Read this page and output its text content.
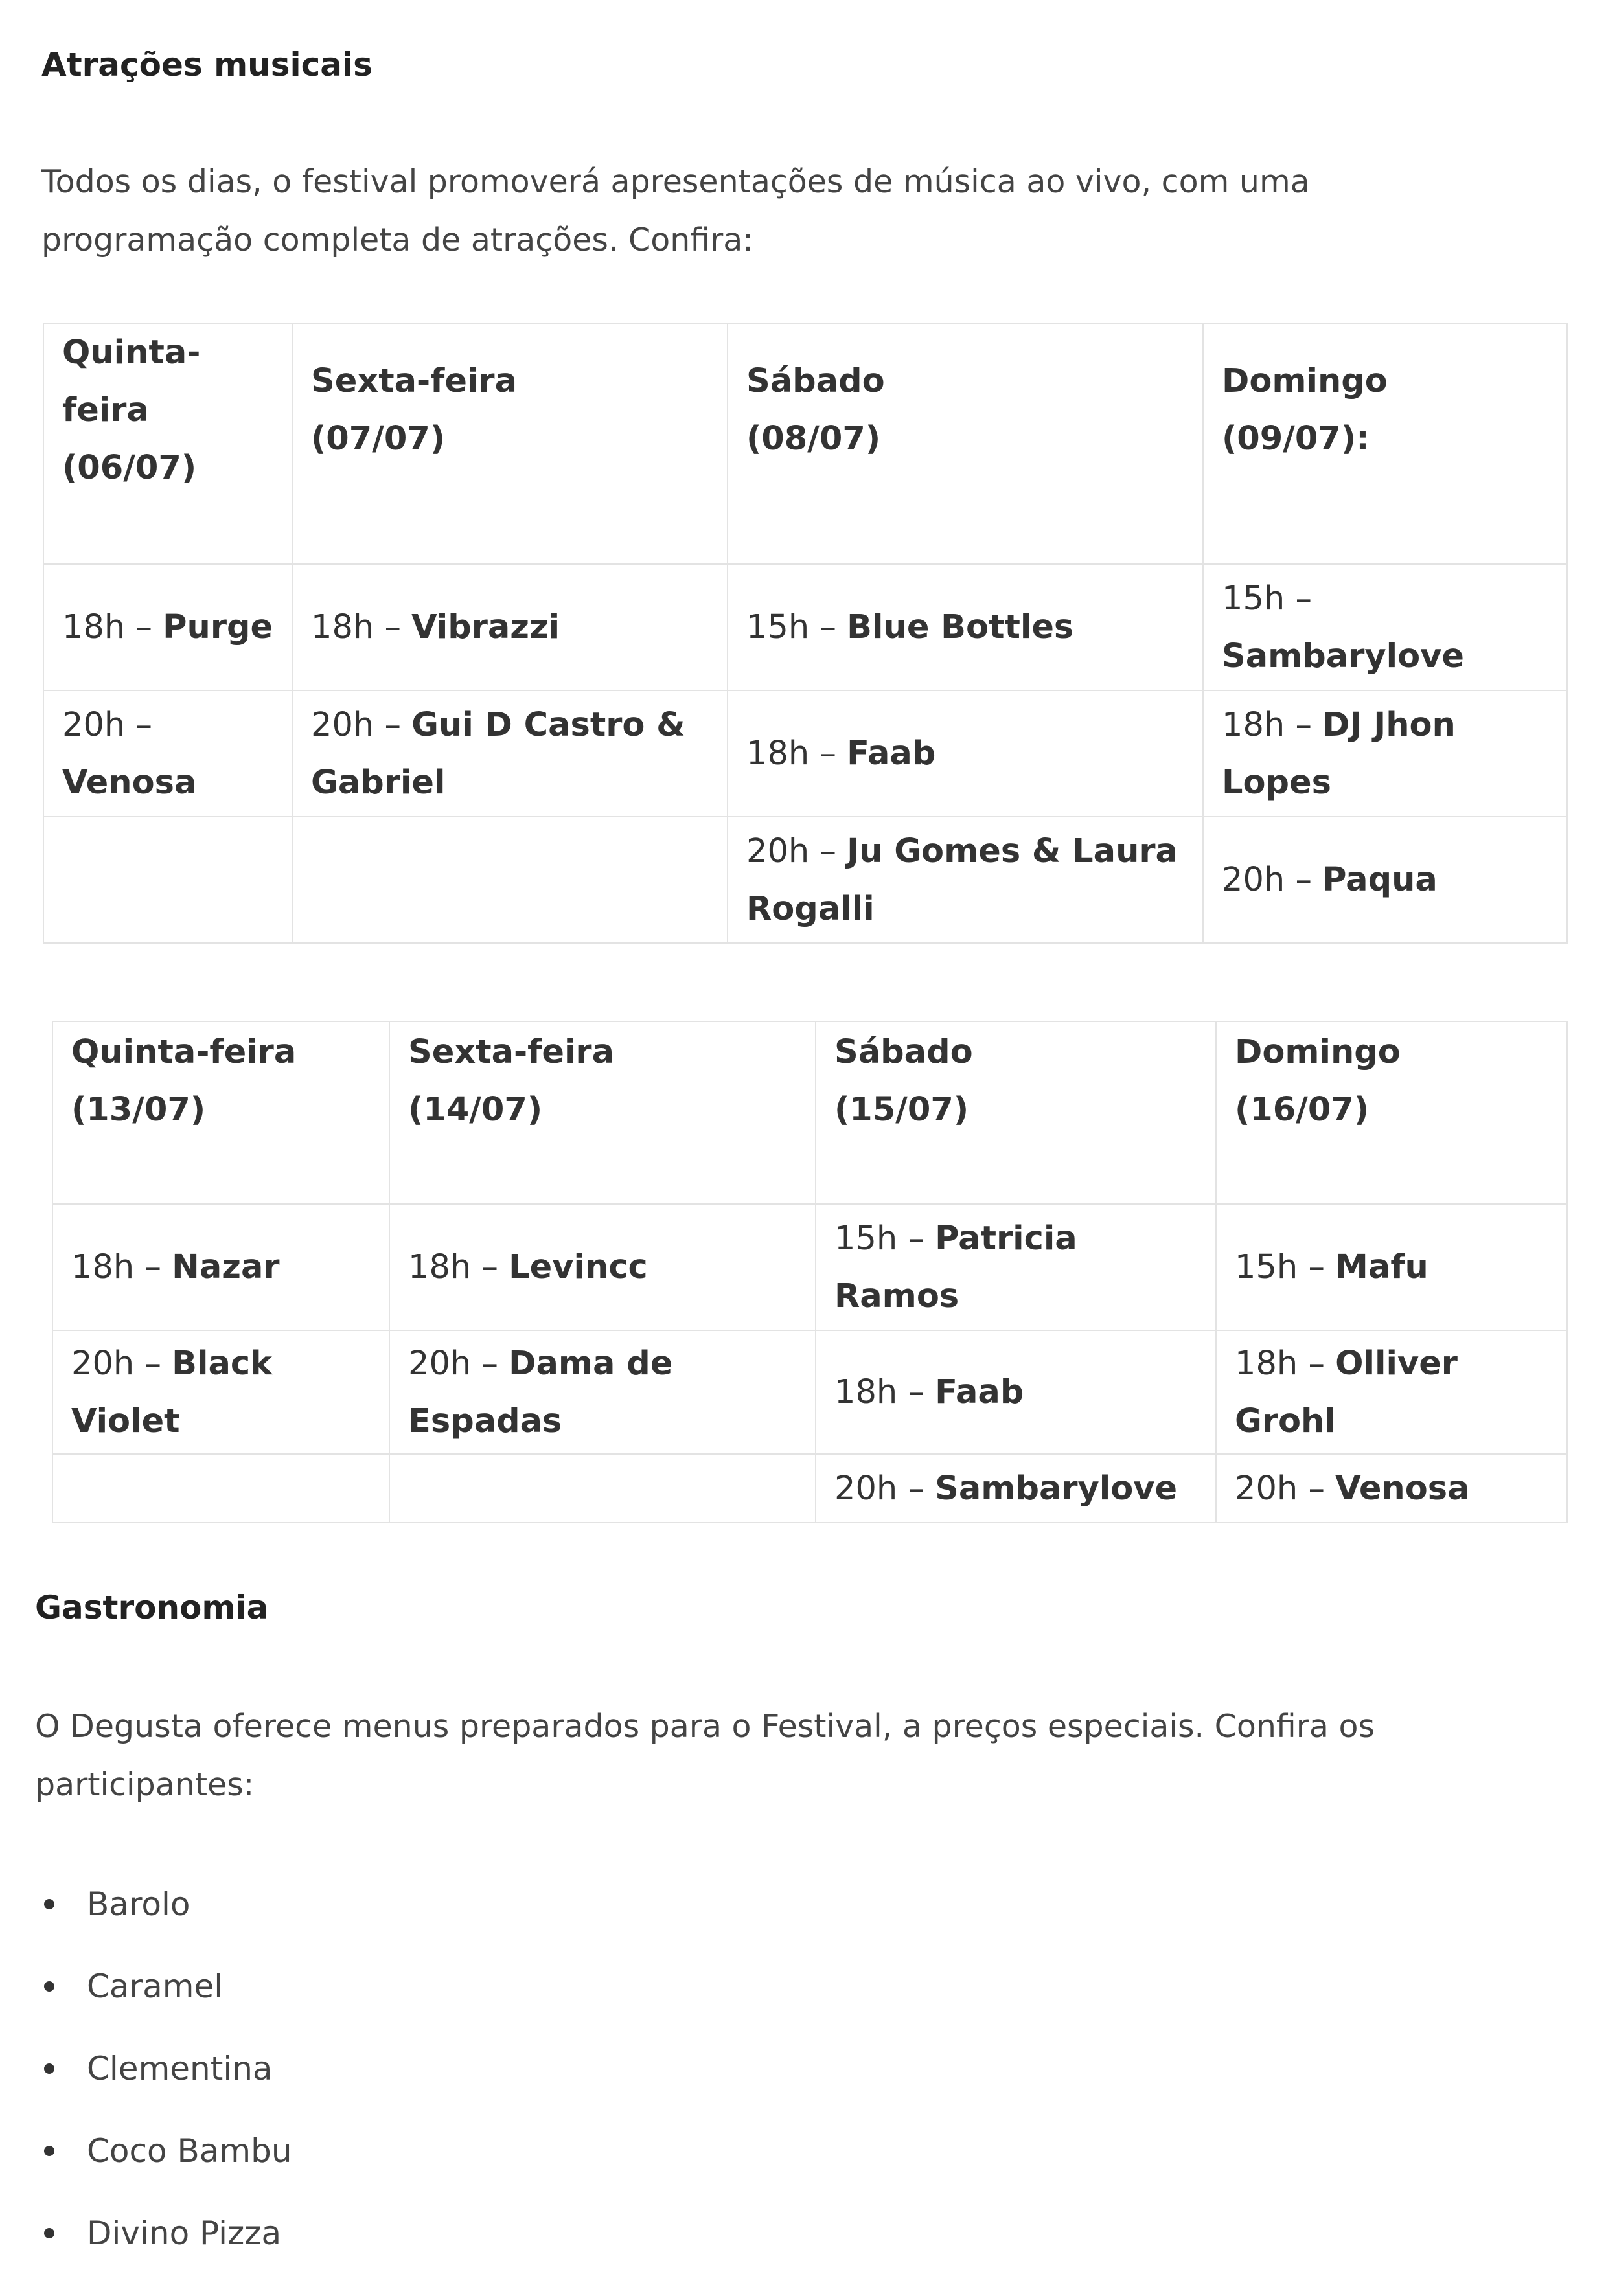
Atrações musicais

Todos os dias, o festival promoverá apresentações de música ao vivo, com uma programação completa de atrações. Confira:

Quinta-feira (06/07)	Sexta-feira (07/07)	Sábado (08/07)	Domingo (09/07):
18h – Purge	18h – Vibrazzi	15h – Blue Bottles	15h – Sambarylove
20h – Venosa	20h – Gui D Castro & Gabriel	18h – Faab	18h – DJ Jhon Lopes
		20h – Ju Gomes & Laura Rogalli	20h – Paqua
Quinta-feira (13/07)	Sexta-feira (14/07)	Sábado (15/07)	Domingo (16/07)
18h – Nazar	18h – Levincc	15h – Patricia Ramos	15h – Mafu
20h – Black Violet	20h – Dama de Espadas	18h – Faab	18h – Olliver Grohl
		20h – Sambarylove	20h – Venosa
Gastronomia

O Degusta oferece menus preparados para o Festival, a preços especiais. Confira os participantes:

Barolo
Caramel
Clementina
Coco Bambu
Divino Pizza
